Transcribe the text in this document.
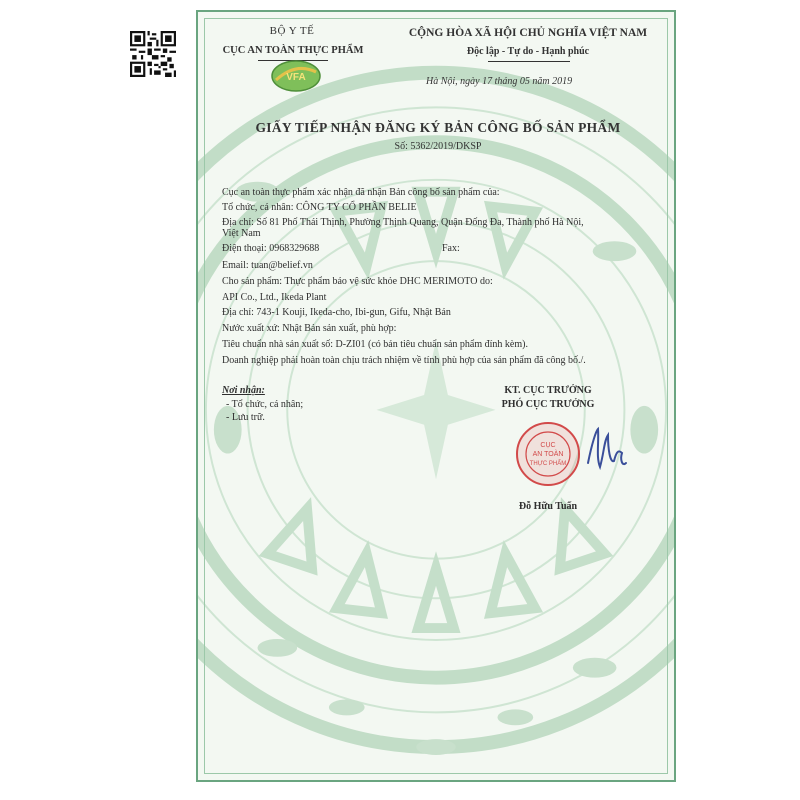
BỘ Y TẾ
CỤC AN TOÀN THỰC PHẨM
VFA
CỘNG HÒA XÃ HỘI CHỦ NGHĨA VIỆT NAM
Độc lập - Tự do - Hạnh phúc
Hà Nội, ngày 17 tháng 05 năm 2019
GIẤY TIẾP NHẬN ĐĂNG KÝ BẢN CÔNG BỐ SẢN PHẨM
Số: 5362/2019/DKSP
Cục an toàn thực phẩm xác nhận đã nhận Bản công bố sản phẩm của:
Tổ chức, cá nhân: CÔNG TY CỔ PHẦN BELIE
Địa chỉ: Số 81 Phố Thái Thịnh, Phường Thịnh Quang, Quận Đống Đa, Thành phố Hà Nội,
Việt Nam
Điện thoại: 0968329688	Fax:
Email: tuan@belief.vn
Cho sản phẩm: Thực phẩm bảo vệ sức khỏe DHC MERIMOTO do:
API Co., Ltd., Ikeda Plant
Địa chỉ: 743-1 Kouji, Ikeda-cho, Ibi-gun, Gifu, Nhật Bản
Nước xuất xứ: Nhật Bản sản xuất, phù hợp:
Tiêu chuẩn nhà sản xuất số: D-ZI01 (có bản tiêu chuẩn sản phẩm đính kèm).
Doanh nghiệp phải hoàn toàn chịu trách nhiệm về tính phù hợp của sản phẩm đã công bố./.
Nơi nhận:
- Tổ chức, cá nhân;
- Lưu trữ.
KT. CỤC TRƯỞNG
PHÓ CỤC TRƯỞNG
CỤC
AN TOÀN
THỰC PHẨM
Đỗ Hữu Tuấn
